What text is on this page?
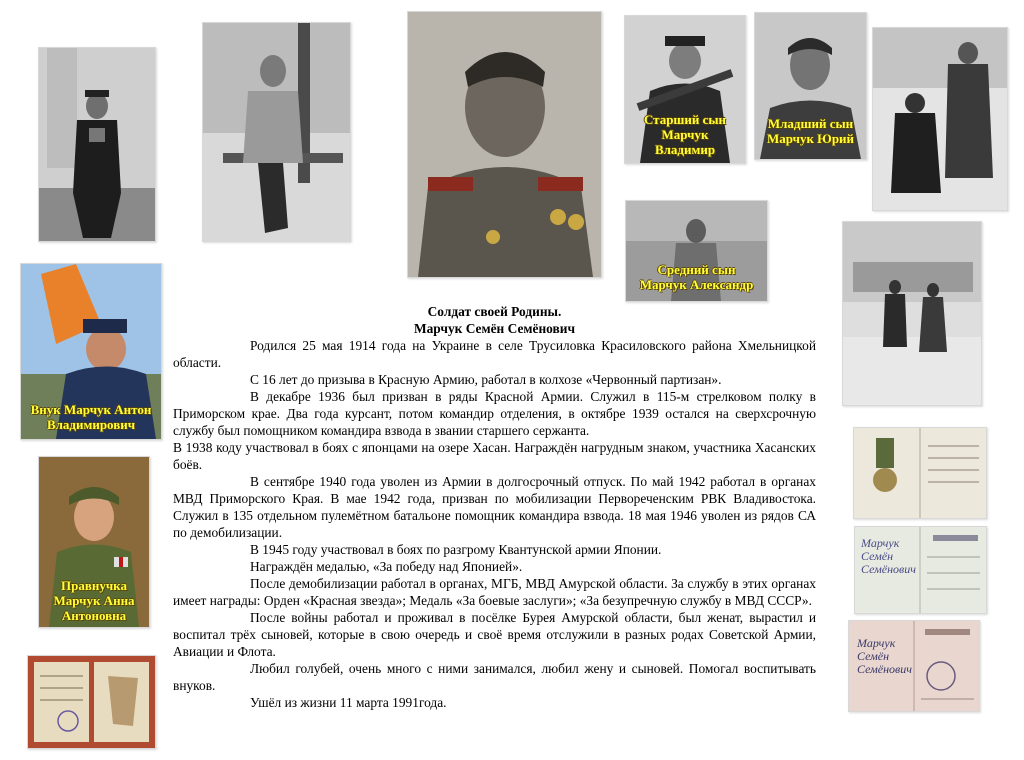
Старший сын
Марчук
Владимир
Младший сын
Марчук Юрий
Средний сын
Марчук Александр
Внук Марчук Антон
Владимирович
Правнучка
Марчук Анна
Антоновна
Марчук
Семён
Семёнович
Марчук
Семён
Семёнович

Солдат своей Родины.

Марчук Семён Семёнович

Родился 25 мая 1914 года на Украине в селе Трусиловка Красиловского района Хмельницкой области.

С 16 лет до призыва в Красную Армию, работал в колхозе «Червонный партизан».

В декабре 1936 был призван в ряды Красной Армии. Служил в 115-м стрелковом полку в Приморском крае. Два года курсант, потом командир отделения, в октябре 1939 остался на сверхсрочную службу был помощником командира взвода в звании старшего сержанта.

В 1938 коду участвовал в боях с японцами на озере Хасан. Награждён нагрудным знаком, участника Хасанских боёв.

В сентябре 1940 года уволен из Армии в долгосрочный отпуск. По май 1942 работал в органах МВД Приморского Края. В мае 1942 года, призван по мобилизации Первореченским РВК Владивостока. Служил в 135 отдельном пулемётном батальоне помощник командира взвода. 18 мая 1946 уволен из рядов СА по демобилизации.

В 1945 году участвовал в боях по разгрому Квантунской армии Японии.

Награждён медалью, «За победу над Японией».

После демобилизации работал в органах, МГБ, МВД Амурской области. За службу в этих органах имеет награды: Орден «Красная звезда»; Медаль «За боевые заслуги»; «За безупречную службу в МВД СССР».

После войны работал и проживал в посёлке Бурея Амурской области, был женат, вырастил и воспитал трёх сыновей, которые в свою очередь и своё время отслужили в разных родах Советской Армии, Авиации и Флота.

Любил голубей, очень много с ними занимался, любил жену и сыновей. Помогал воспитывать внуков.

Ушёл из жизни 11 марта 1991года.
